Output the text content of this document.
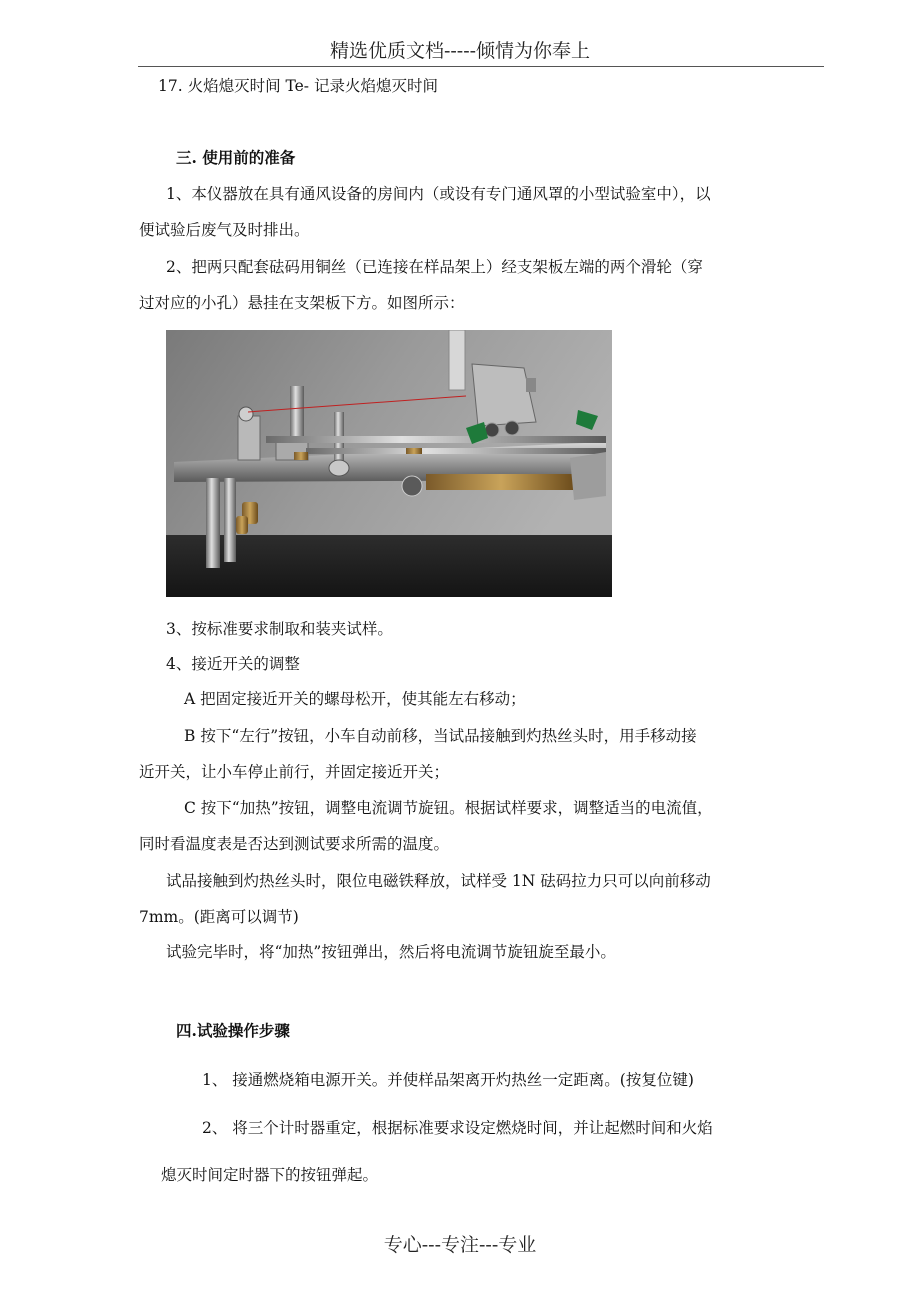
精选优质文档-----倾情为你奉上
17. 火焰熄灭时间 Te- 记录火焰熄灭时间
三. 使用前的准备
1、本仪器放在具有通风设备的房间内（或设有专门通风罩的小型试验室中），以
便试验后废气及时排出。
2、把两只配套砝码用铜丝（已连接在样品架上）经支架板左端的两个滑轮（穿
过对应的小孔）悬挂在支架板下方。如图所示：
3、按标准要求制取和装夹试样。
4、接近开关的调整
A 把固定接近开关的螺母松开，使其能左右移动；
B 按下“左行”按钮，小车自动前移，当试品接触到灼热丝头时，用手移动接
近开关，让小车停止前行，并固定接近开关；
C 按下“加热”按钮，调整电流调节旋钮。根据试样要求，调整适当的电流值，
同时看温度表是否达到测试要求所需的温度。
试品接触到灼热丝头时，限位电磁铁释放，试样受 1N 砝码拉力只可以向前移动
7mm。(距离可以调节)
试验完毕时，将“加热”按钮弹出，然后将电流调节旋钮旋至最小。
四.试验操作步骤
1、 接通燃烧箱电源开关。并使样品架离开灼热丝一定距离。(按复位键)
2、 将三个计时器重定，根据标准要求设定燃烧时间，并让起燃时间和火焰
熄灭时间定时器下的按钮弹起。
专心---专注---专业
